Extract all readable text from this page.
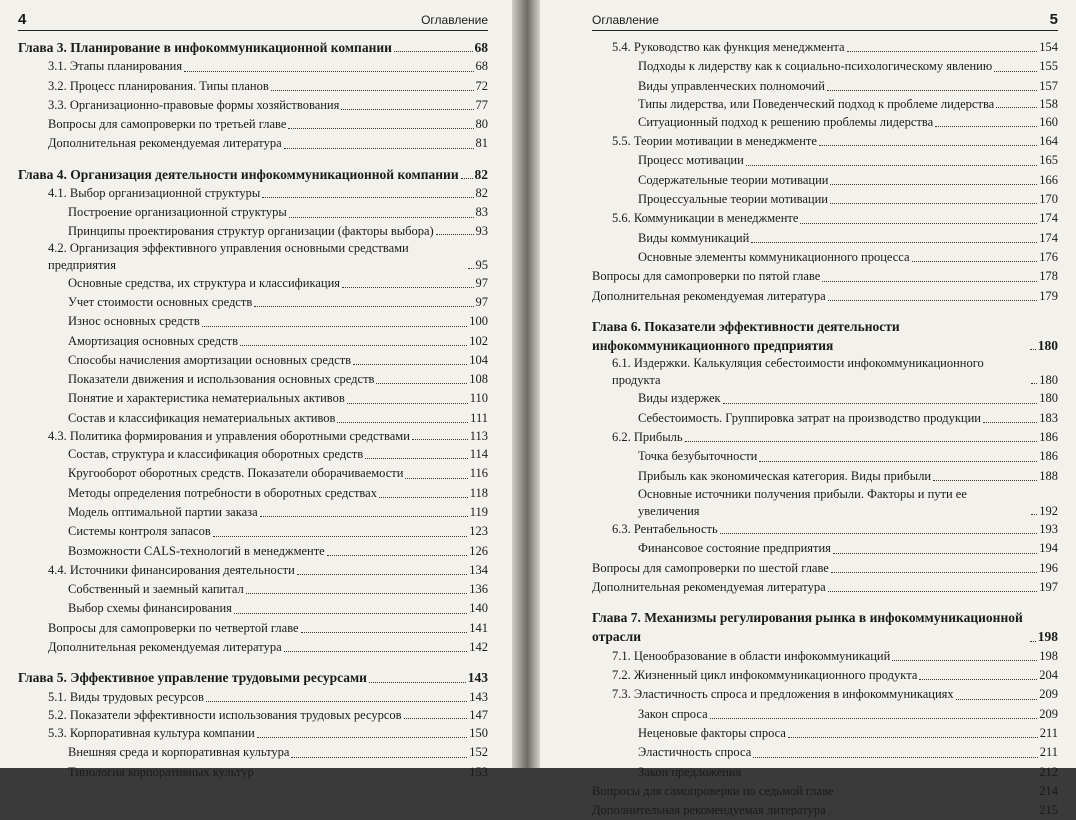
4	Оглавление
Глава 3. Планирование в инфокоммуникационной компании	68
3.1. Этапы планирования	68
3.2. Процесс планирования. Типы планов	72
3.3. Организационно-правовые формы хозяйствования	77
Вопросы для самопроверки по третьей главе	80
Дополнительная рекомендуемая литература	81
Глава 4. Организация деятельности инфокоммуникационной компании 82
4.1. Выбор организационной структуры	82
Построение организационной структуры	83
Принципы проектирования структур организации (факторы выбора)	93
4.2. Организация эффективного управления основными средствами предприятия	95
Основные средства, их структура и классификация	97
Учет стоимости основных средств	97
Износ основных средств	100
Амортизация основных средств	102
Способы начисления амортизации основных средств	104
Показатели движения и использования основных средств	108
Понятие и характеристика нематериальных активов	110
Состав и классификация нематериальных активов	111
4.3. Политика формирования и управления оборотными средствами	113
Состав, структура и классификация оборотных средств	114
Кругооборот оборотных средств. Показатели оборачиваемости	116
Методы определения потребности в оборотных средствах	118
Модель оптимальной партии заказа	119
Системы контроля запасов	123
Возможности CALS-технологий в менеджменте	126
4.4. Источники финансирования деятельности	134
Собственный и заемный капитал	136
Выбор схемы финансирования	140
Вопросы для самопроверки по четвертой главе	141
Дополнительная рекомендуемая литература	142
Глава 5. Эффективное управление трудовыми ресурсами	143
5.1. Виды трудовых ресурсов	143
5.2. Показатели эффективности использования трудовых ресурсов	147
5.3. Корпоративная культура компании	150
Внешняя среда и корпоративная культура	152
Типология корпоративных культур	153
Оглавление	5
5.4. Руководство как функция менеджмента	154
Подходы к лидерству как к социально-психологическому явлению	155
Виды управленческих полномочий	157
Типы лидерства, или Поведенческий подход к проблеме лидерства	158
Ситуационный подход к решению проблемы лидерства	160
5.5. Теории мотивации в менеджменте	164
Процесс мотивации	165
Содержательные теории мотивации	166
Процессуальные теории мотивации	170
5.6. Коммуникации в менеджменте	174
Виды коммуникаций	174
Основные элементы коммуникационного процесса	176
Вопросы для самопроверки по пятой главе	178
Дополнительная рекомендуемая литература	179
Глава 6. Показатели эффективности деятельности инфокоммуникационного предприятия	180
6.1. Издержки. Калькуляция себестоимости инфокоммуникационного продукта	180
Виды издержек	180
Себестоимость. Группировка затрат на производство продукции	183
6.2. Прибыль	186
Точка безубыточности	186
Прибыль как экономическая категория. Виды прибыли	188
Основные источники получения прибыли. Факторы и пути ее увеличения	192
6.3. Рентабельность	193
Финансовое состояние предприятия	194
Вопросы для самопроверки по шестой главе	196
Дополнительная рекомендуемая литература	197
Глава 7. Механизмы регулирования рынка в инфокоммуникационной отрасли	198
7.1. Ценообразование в области инфокоммуникаций	198
7.2. Жизненный цикл инфокоммуникационного продукта	204
7.3. Эластичность спроса и предложения в инфокоммуникациях	209
Закон спроса	209
Неценовые факторы спроса	211
Эластичность спроса	211
Закон предложения	212
Вопросы для самопроверки по седьмой главе	214
Дополнительная рекомендуемая литература	215
